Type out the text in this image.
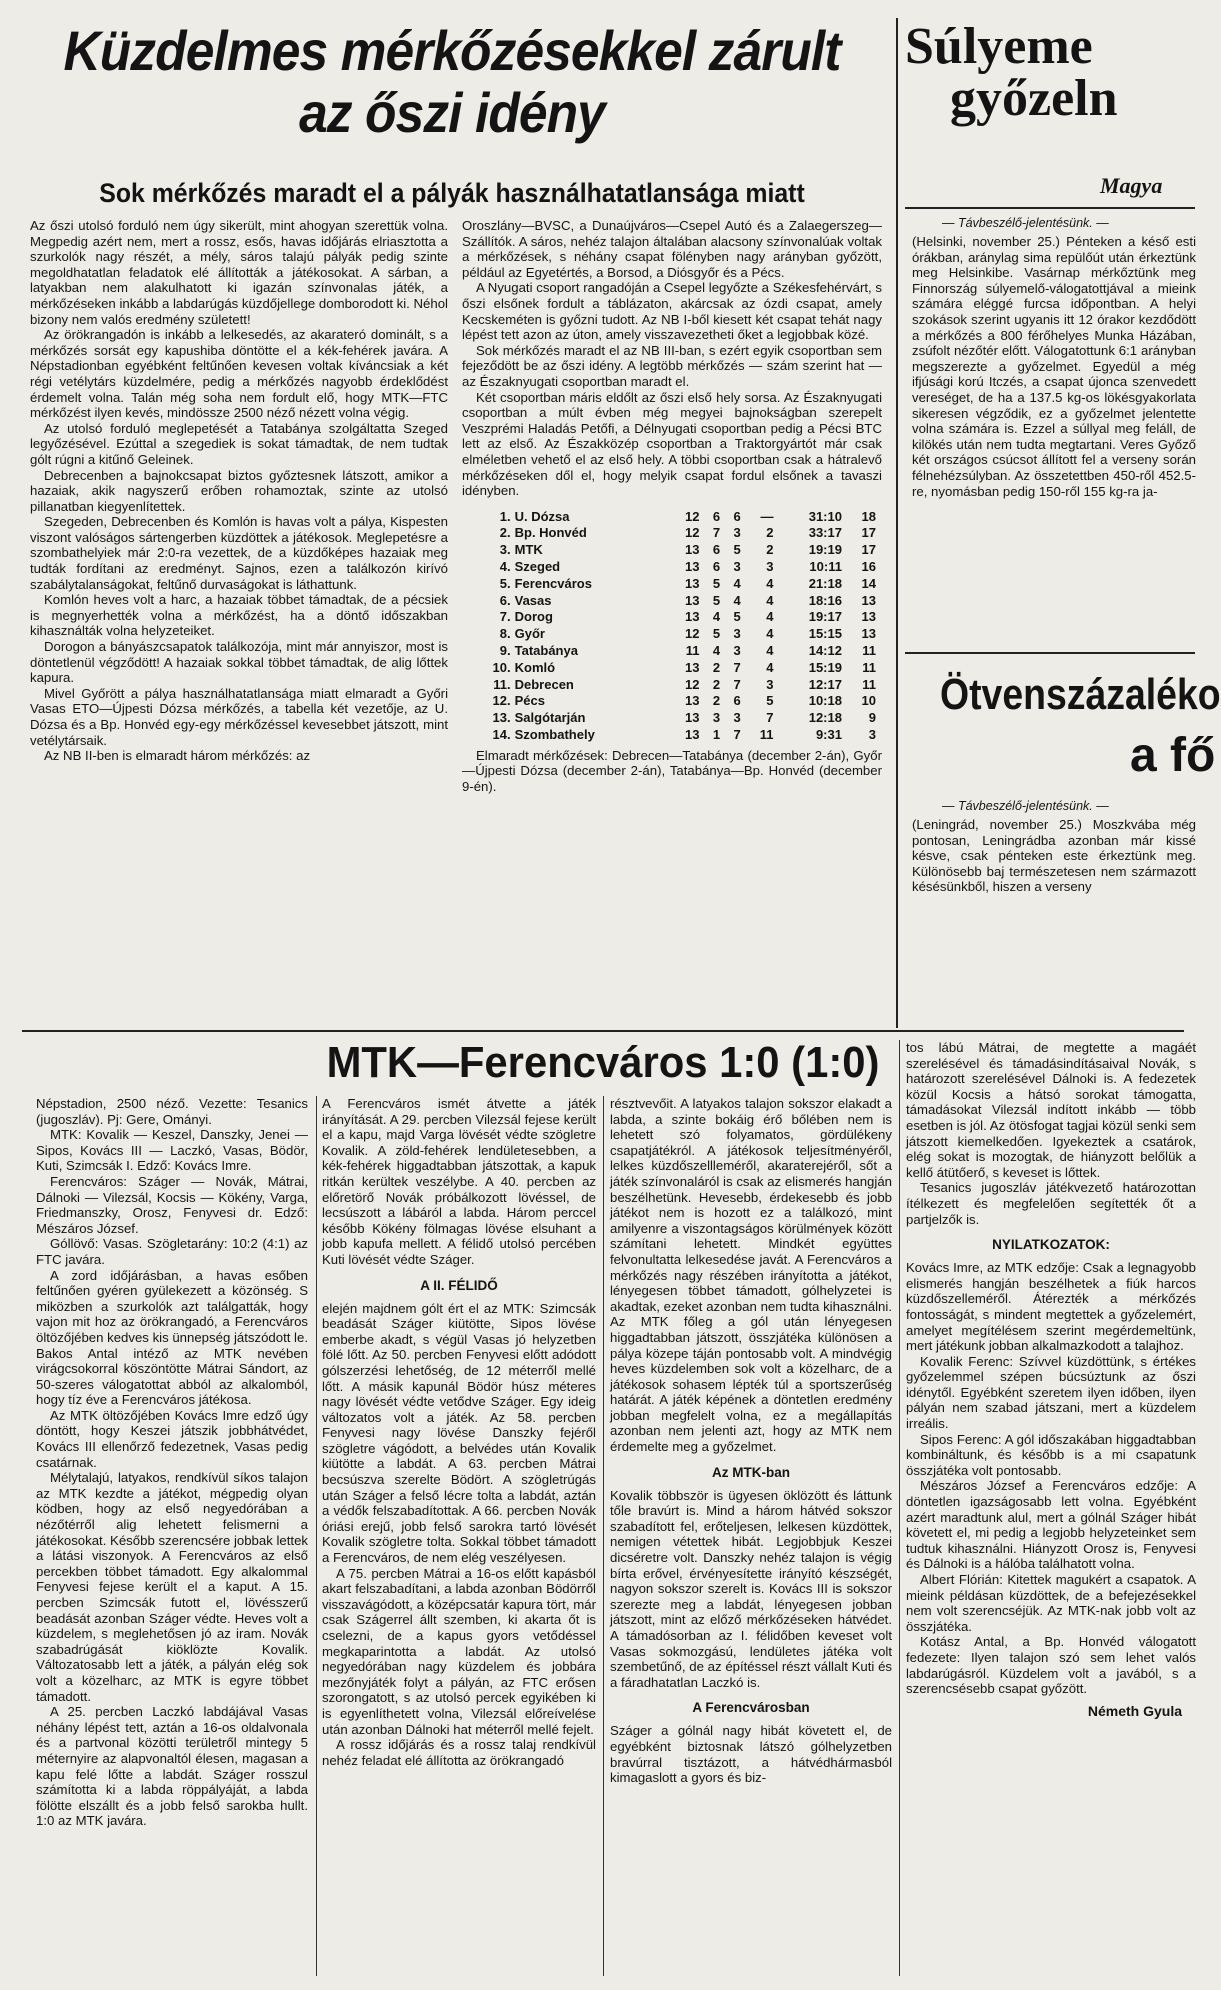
Küzdelmes mérkőzésekkel zárult az őszi idény
Sok mérkőzés maradt el a pályák használhatatlansága miatt
Az őszi utolsó forduló nem úgy sikerült, mint ahogyan szerettük volna. Megpedig azért nem, mert a rossz, esős, havas időjárás elriasztotta a szurkolók nagy részét, a mély, sáros talajú pályák pedig szinte megoldhatatlan feladatok elé állították a játékosokat. A sárban, a latyakban nem alakulhatott ki igazán színvonalas játék, a mérkőzéseken inkább a labdarúgás küzdőjellege domborodott ki. Néhol bizony nem valós eredmény született!
Az örökrangadón is inkább a lelkesedés, az akarateró dominált, s a mérkőzés sorsát egy kapushiba döntötte el a kék-fehérek javára. A Népstadionban egyébként feltűnően kevesen voltak kíváncsiak a két régi vetélytárs küzdelmére, pedig a mérkőzés nagyobb érdeklődést érdemelt volna. Talán még soha nem fordult elő, hogy MTK—FTC mérkőzést ilyen kevés, mindössze 2500 néző nézett volna végig.
Az utolsó forduló meglepetését a Tatabánya szolgáltatta Szeged legyőzésével. Ezúttal a szegediek is sokat támadtak, de nem tudtak gólt rúgni a kitűnő Geleinek.
Debrecenben a bajnokcsapat biztos győztesnek látszott, amikor a hazaiak, akik nagyszerű erőben rohamoztak, szinte az utolsó pillanatban kiegyenlítettek.
Szegeden, Debrecenben és Komlón is havas volt a pálya, Kispesten viszont valóságos sártengerben küzdöttek a játékosok. Meglepetésre a szombathelyiek már 2:0-ra vezettek, de a küzdőképes hazaiak meg tudták fordítani az eredményt. Sajnos, ezen a találkozón kirívó szabálytalanságokat, feltűnő durvaságokat is láthattunk.
Komlón heves volt a harc, a hazaiak többet támadtak, de a pécsiek is megnyerhették volna a mérkőzést, ha a döntő időszakban kihasználták volna helyzeteiket.
Dorogon a bányászcsapatok találkozója, mint már annyiszor, most is döntetlenül végződött! A hazaiak sokkal többet támadtak, de alig lőttek kapura.
Mivel Győrött a pálya használhatatlansága miatt elmaradt a Győri Vasas ETO—Újpesti Dózsa mérkőzés, a tabella két vezetője, az U. Dózsa és a Bp. Honvéd egy-egy mérkőzéssel kevesebbet játszott, mint vetélytársaik.
Az NB II-ben is elmaradt három mérkőzés: az
Oroszlány—BVSC, a Dunaújváros—Csepel Autó és a Zalaegerszeg—Szállítók. A sáros, nehéz talajon általában alacsony színvonalúak voltak a mérkőzések, s néhány csapat fölényben nagy arányban győzött, például az Egyetértés, a Borsod, a Diósgyőr és a Pécs.
A Nyugati csoport rangadóján a Csepel legyőzte a Székesfehérvárt, s őszi elsőnek fordult a táblázaton, akárcsak az ózdi csapat, amely Kecskeméten is győzni tudott. Az NB I-ből kiesett két csapat tehát nagy lépést tett azon az úton, amely visszavezetheti őket a legjobbak közé.
Sok mérkőzés maradt el az NB III-ban, s ezért egyik csoportban sem fejeződött be az őszi idény. A legtöbb mérkőzés — szám szerint hat — az Északnyugati csoportban maradt el.
Két csoportban máris eldőlt az őszi első hely sorsa. Az Északnyugati csoportban a múlt évben még megyei bajnokságban szerepelt Veszprémi Haladás Petőfi, a Délnyugati csoportban pedig a Pécsi BTC lett az első. Az Északközép csoportban a Traktorgyártót már csak elméletben vehető el az első hely. A többi csoportban csak a hátralevő mérkőzéseken dől el, hogy melyik csapat fordul elsőnek a tavaszi idényben.
1.	U. Dózsa	12	6	6	—	31:10	18
2.	Bp. Honvéd	12	7	3	2	33:17	17
3.	MTK	13	6	5	2	19:19	17
4.	Szeged	13	6	3	3	10:11	16
5.	Ferencváros	13	5	4	4	21:18	14
6.	Vasas	13	5	4	4	18:16	13
7.	Dorog	13	4	5	4	19:17	13
8.	Győr	12	5	3	4	15:15	13
9.	Tatabánya	11	4	3	4	14:12	11
10.	Komló	13	2	7	4	15:19	11
11.	Debrecen	12	2	7	3	12:17	11
12.	Pécs	13	2	6	5	10:18	10
13.	Salgótarján	13	3	3	7	12:18	9
14.	Szombathely	13	1	7	11	9:31	3
Elmaradt mérkőzések: Debrecen—Tatabánya (december 2-án), Győr—Újpesti Dózsa (december 2-án), Tatabánya—Bp. Honvéd (december 9-én).
Súlyeme
győzeln
Magya
— Távbeszélő-jelentésünk. —
(Helsinki, november 25.) Pénteken a késő esti órákban, aránylag sima repülőút után érkeztünk meg Helsinkibe. Vasárnap mérkőztünk meg Finnország súlyemelő-válogatottjával a mieink számára eléggé furcsa időpontban. A helyi szokások szerint ugyanis itt 12 órakor kezdődött a mérkőzés a 800 férőhelyes Munka Házában, zsúfolt nézőtér előtt. Válogatottunk 6:1 arányban megszerezte a győzelmet. Egyedül a még ifjúsági korú Itczés, a csapat újonca szenvedett vereséget, de ha a 137.5 kg-os lökésgyakorlata sikeresen végződik, ez a győzelmet jelentette volna számára is. Ezzel a súllyal meg feláll, de kilökés után nem tudta megtartani. Veres Győző két országos csúcsot állított fel a verseny során félnehézsúlyban. Az összetettben 450-ről 452.5-re, nyomásban pedig 150-ről 155 kg-ra ja-
Ötvenszázaléko
a fő
— Távbeszélő-jelentésünk. —
(Leningrád, november 25.) Moszkvába még pontosan, Leningrádba azonban már kissé késve, csak pénteken este érkeztünk meg. Különösebb baj természetesen nem származott késésünkből, hiszen a verseny
MTK—Ferencváros 1:0 (1:0)
Népstadion, 2500 néző. Vezette: Tesanics (jugoszláv). Pj: Gere, Ományi.
MTK: Kovalik — Keszel, Danszky, Jenei — Sipos, Kovács III — Laczkó, Vasas, Bödör, Kuti, Szimcsák I. Edző: Kovács Imre.
Ferencváros: Száger — Novák, Mátrai, Dálnoki — Vilezsál, Kocsis — Kökény, Varga, Friedmanszky, Orosz, Fenyvesi dr. Edző: Mészáros József.
Góllövő: Vasas. Szögletarány: 10:2 (4:1) az FTC javára.
A zord időjárásban, a havas esőben feltűnően gyéren gyülekezett a közönség. S miközben a szurkolók azt találgatták, hogy vajon mit hoz az örökrangadó, a Ferencváros öltözőjében kedves kis ünnepség játszódott le. Bakos Antal intéző az MTK nevében virágcsokorral köszöntötte Mátrai Sándort, az 50-szeres válogatottat abból az alkalomból, hogy tíz éve a Ferencváros játékosa.
Az MTK öltözőjében Kovács Imre edző úgy döntött, hogy Keszei játszik jobbhátvédet, Kovács III ellenőrző fedezetnek, Vasas pedig csatárnak.
Mélytalajú, latyakos, rendkívül síkos talajon az MTK kezdte a játékot, mégpedig olyan ködben, hogy az első negyedórában a nézőtérről alig lehetett felismerni a játékosokat. Később szerencsére jobbak lettek a látási viszonyok. A Ferencváros az első percekben többet támadott. Egy alkalommal Fenyvesi fejese került el a kaput. A 15. percben Szimcsák futott el, lövésszerű beadását azonban Száger védte. Heves volt a küzdelem, s meglehetősen jó az iram. Novák szabadrúgását kiöklözte Kovalik. Változatosabb lett a játék, a pályán elég sok volt a közelharc, az MTK is egyre többet támadott.
A 25. percben Laczkó labdájával Vasas néhány lépést tett, aztán a 16-os oldalvonala és a partvonal közötti területről mintegy 5 méternyire az alapvonaltól élesen, magasan a kapu felé lőtte a labdát. Száger rosszul számította ki a labda röppályáját, a labda fölötte elszállt és a jobb felső sarokba hullt. 1:0 az MTK javára.
A Ferencváros ismét átvette a játék irányítását. A 29. percben Vilezsál fejese került el a kapu, majd Varga lövését védte szögletre Kovalik. A zöld-fehérek lendületesebben, a kék-fehérek higgadtabban játszottak, a kapuk ritkán kerültek veszélybe. A 40. percben az előretörő Novák próbálkozott lövéssel, de lecsúszott a lábáról a labda. Három perccel később Kökény fölmagas lövése elsuhant a jobb kapufa mellett. A félidő utolsó percében Kuti lövését védte Száger.
A II. FÉLIDŐ
elején majdnem gólt ért el az MTK: Szimcsák beadását Száger kiütötte, Sipos lövése emberbe akadt, s végül Vasas jó helyzetben fölé lőtt. Az 50. percben Fenyvesi előtt adódott gólszerzési lehetőség, de 12 méterről mellé lőtt. A másik kapunál Bödör húsz méteres nagy lövését védte vetődve Száger. Egy ideig változatos volt a játék. Az 58. percben Fenyvesi nagy lövése Danszky fejéről szögletre vágódott, a belvédes után Kovalik kiütötte a labdát. A 63. percben Mátrai becsúszva szerelte Bödört. A szögletrúgás után Száger a felső lécre tolta a labdát, aztán a védők felszabadítottak. A 66. percben Novák óriási erejű, jobb felső sarokra tartó lövését Kovalik szögletre tolta. Sokkal többet támadott a Ferencváros, de nem elég veszélyesen.
A 75. percben Mátrai a 16-os előtt kapásból akart felszabadítani, a labda azonban Bödörről visszavágódott, a középcsatár kapura tört, már csak Szágerrel állt szemben, ki akarta őt is cselezni, de a kapus gyors vetődéssel megkaparintotta a labdát. Az utolsó negyedórában nagy küzdelem és jobbára mezőnyjáték folyt a pályán, az FTC erősen szorongatott, s az utolsó percek egyikében ki is egyenlíthetett volna, Vilezsál előreívelése után azonban Dálnoki hat méterről mellé fejelt.
A rossz időjárás és a rossz talaj rendkívül nehéz feladat elé állította az örökrangadó
résztvevőit. A latyakos talajon sokszor elakadt a labda, a szinte bokáig érő bőlében nem is lehetett szó folyamatos, gördülékeny csapatjátékról. A játékosok teljesítményéről, lelkes küzdőszellleméről, akaraterejéről, sőt a játék színvonaláról is csak az elismerés hangján beszélhetünk. Hevesebb, érdekesebb és jobb játékot nem is hozott ez a találkozó, mint amilyenre a viszontagságos körülmények között számítani lehetett. Mindkét együttes felvonultatta lelkesedése javát. A Ferencváros a mérkőzés nagy részében irányította a játékot, lényegesen többet támadott, gólhelyzetei is akadtak, ezeket azonban nem tudta kihasználni. Az MTK főleg a gól után lényegesen higgadtabban játszott, összjátéka különösen a pálya közepe táján pontosabb volt. A mindvégig heves küzdelemben sok volt a közelharc, de a játékosok sohasem lépték túl a sportszerűség határát. A játék képének a döntetlen eredmény jobban megfelelt volna, ez a megállapítás azonban nem jelenti azt, hogy az MTK nem érdemelte meg a győzelmet.
Az MTK-ban
Kovalik többször is ügyesen öklözött és láttunk tőle bravúrt is. Mind a három hátvéd sokszor szabadított fel, erőteljesen, lelkesen küzdöttek, nemigen vétettek hibát. Legjobbjuk Keszei dicséretre volt. Danszky nehéz talajon is végig bírta erővel, érvényesítette irányító készségét, nagyon sokszor szerelt is. Kovács III is sokszor szerezte meg a labdát, lényegesen jobban játszott, mint az előző mérkőzéseken hátvédet. A támadósorban az I. félidőben keveset volt Vasas sokmozgású, lendületes játéka volt szembetűnő, de az építéssel részt vállalt Kuti és a fáradhatatlan Laczkó is.
A Ferencvárosban
Száger a gólnál nagy hibát követett el, de egyébként biztosnak látszó gólhelyzetben bravúrral tisztázott, a hátvédhármasból kimagaslott a gyors és biz-
tos lábú Mátrai, de megtette a magáét szerelésével és támadásindításaival Novák, s határozott szerelésével Dálnoki is. A fedezetek közül Kocsis a hátsó sorokat támogatta, támadásokat Vilezsál indított inkább — több esetben is jól. Az ötösfogat tagjai közül senki sem játszott kiemelkedően. Igyekeztek a csatárok, elég sokat is mozogtak, de hiányzott belőlük a kellő átütőerő, s keveset is lőttek.
Tesanics jugoszláv játékvezető határozottan ítélkezett és megfelelően segítették őt a partjelzők is.
NYILATKOZATOK:
Kovács Imre, az MTK edzője: Csak a legnagyobb elismerés hangján beszélhetek a fiúk harcos küzdőszelleméről. Átérezték a mérkőzés fontosságát, s mindent megtettek a győzelemért, amelyet megítélésem szerint megérdemeltünk, mert játékunk jobban alkalmazkodott a talajhoz.
Kovalik Ferenc: Szívvel küzdöttünk, s értékes győzelemmel szépen búcsúztunk az őszi idénytől. Egyébként szeretem ilyen időben, ilyen pályán nem szabad játszani, mert a küzdelem irreális.
Sipos Ferenc: A gól időszakában higgadtabban kombináltunk, és később is a mi csapatunk összjátéka volt pontosabb.
Mészáros József a Ferencváros edzője: A döntetlen igazságosabb lett volna. Egyébként azért maradtunk alul, mert a gólnál Száger hibát követett el, mi pedig a legjobb helyzeteinket sem tudtuk kihasználni. Hiányzott Orosz is, Fenyvesi és Dálnoki is a hálóba találhatott volna.
Albert Flórián: Kitettek magukért a csapatok. A mieink példásan küzdöttek, de a befejezésekkel nem volt szerencséjük. Az MTK-nak jobb volt az összjátéka.
Kotász Antal, a Bp. Honvéd válogatott fedezete: Ilyen talajon szó sem lehet valós labdarúgásról. Küzdelem volt a javából, s a szerencsésebb csapat győzött.
Németh Gyula
